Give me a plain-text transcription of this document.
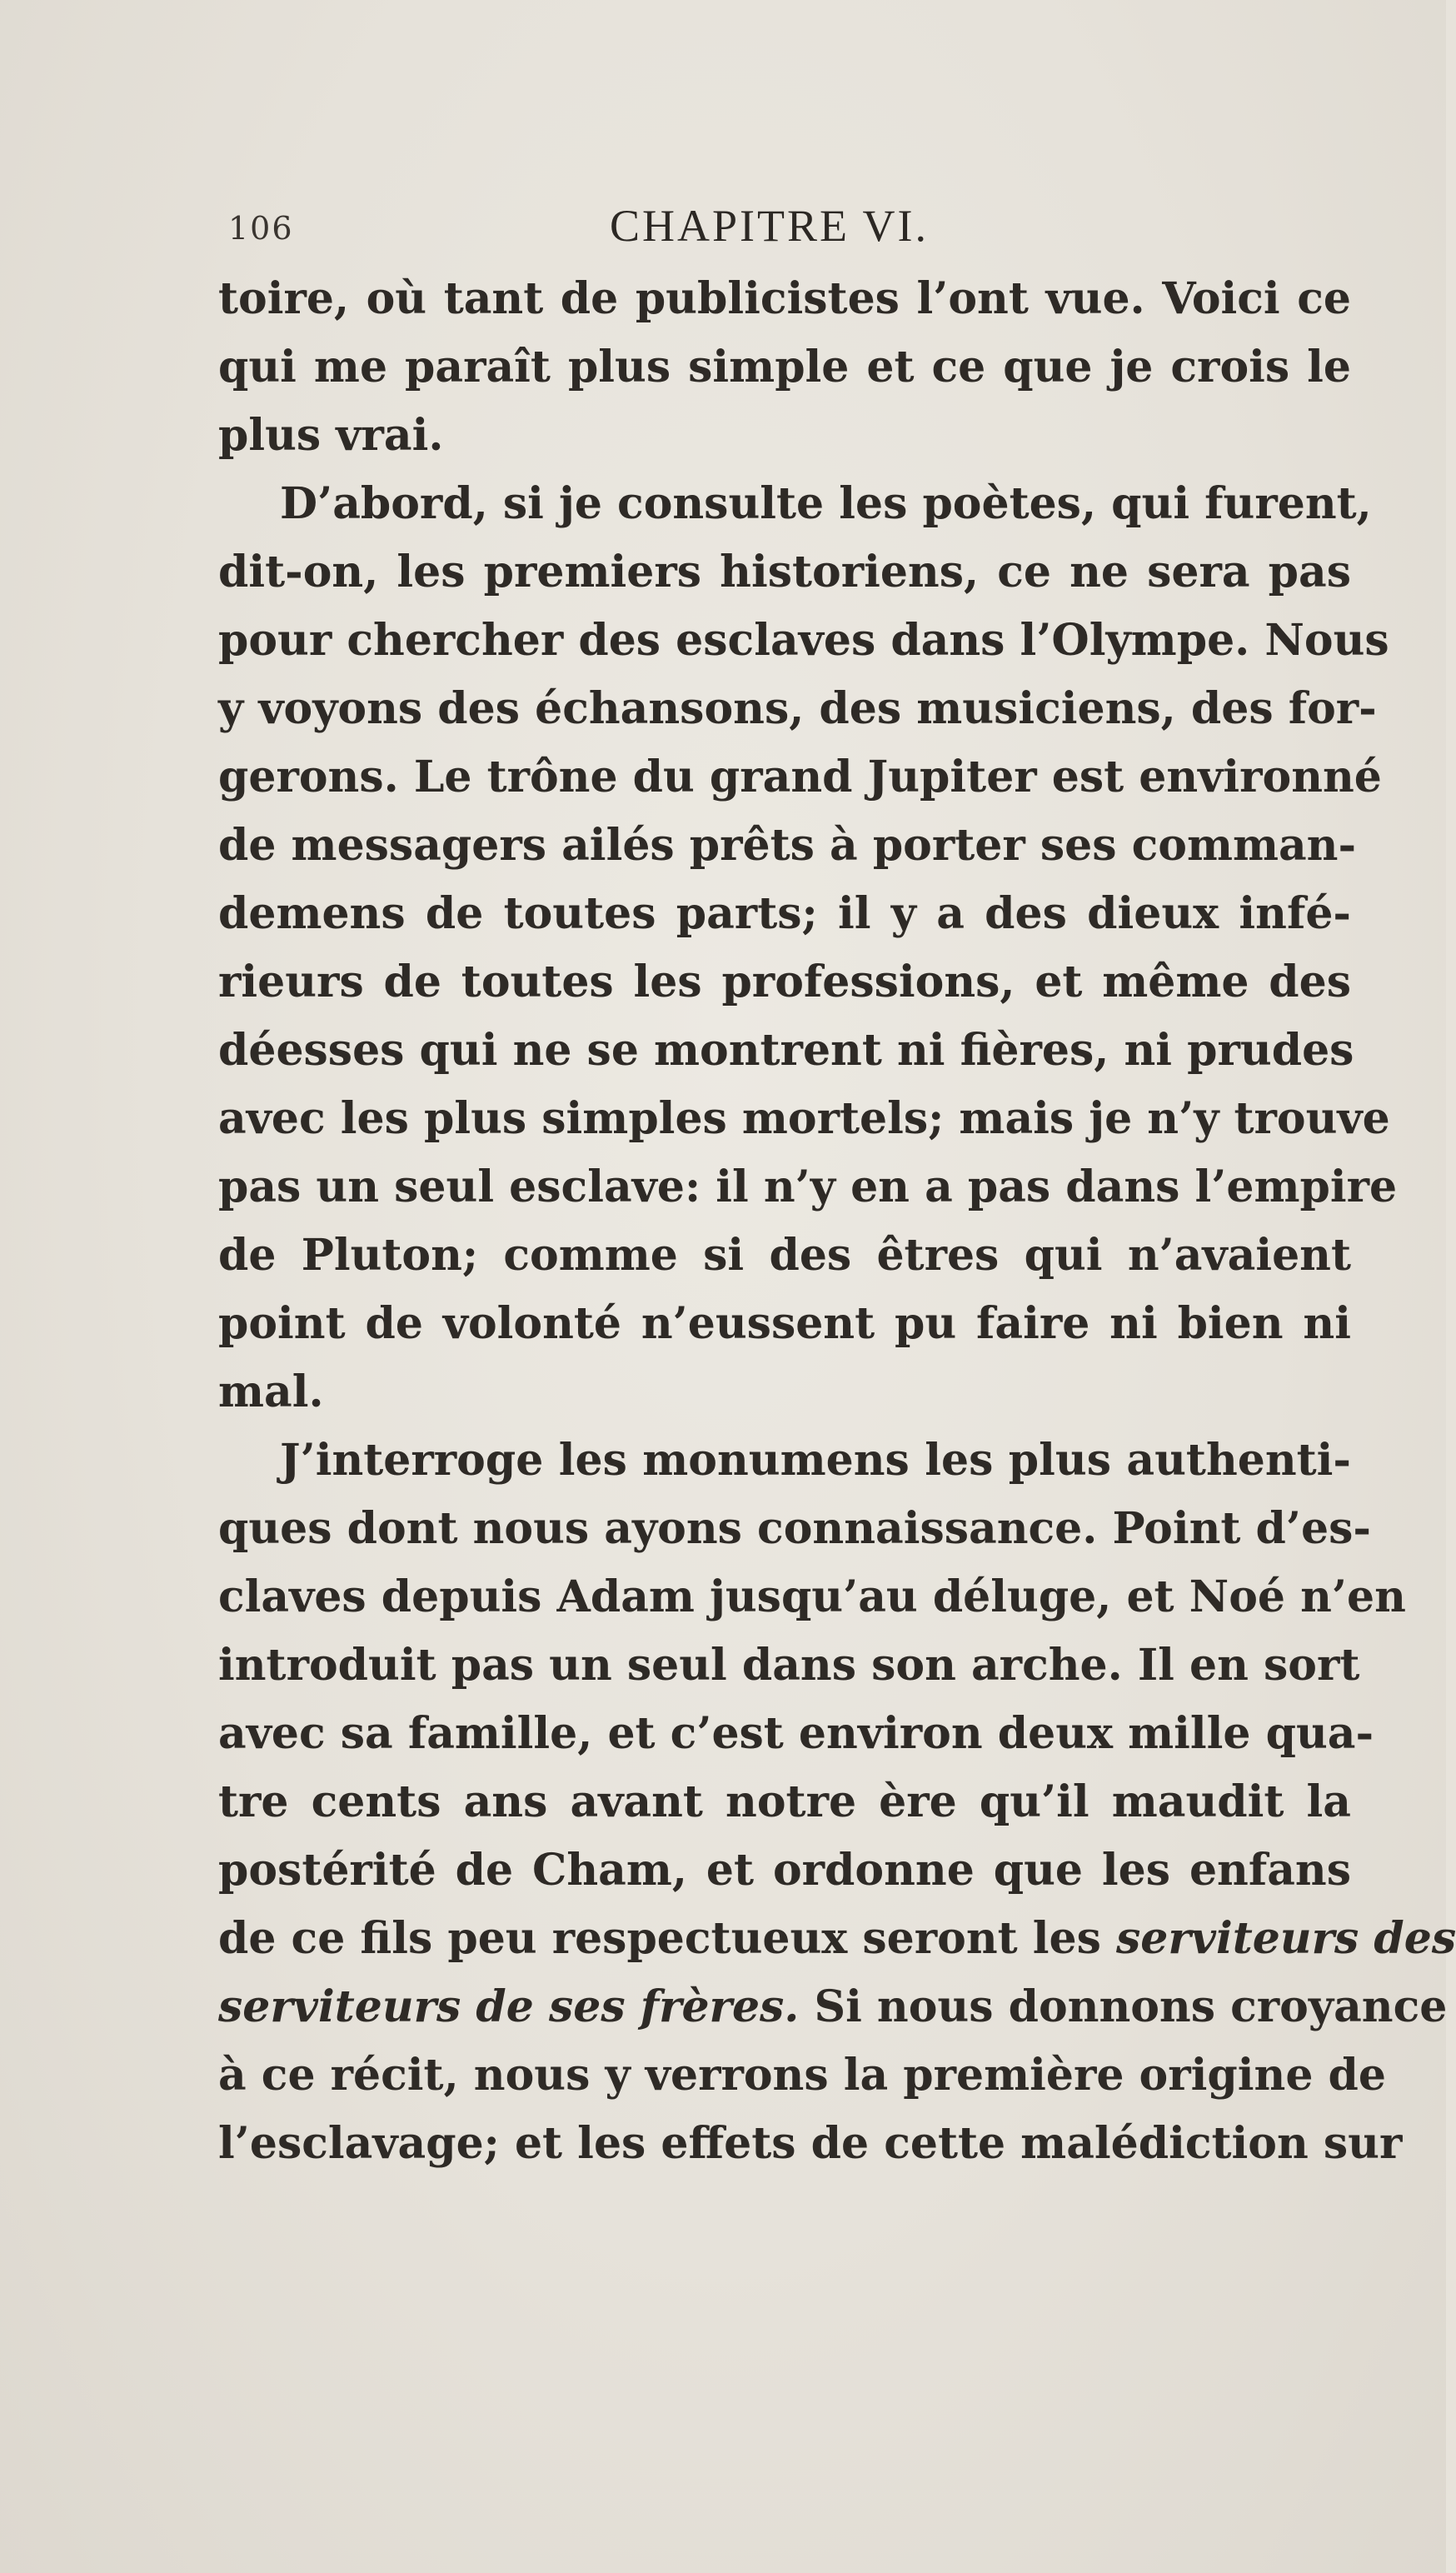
106	CHAPITRE VI.
toire, où tant de publicistes l’ont vue. Voici ce
qui me paraît plus simple et ce que je crois le
plus vrai.
D’abord, si je consulte les poètes, qui furent,
dit-on, les premiers historiens, ce ne sera pas
pour chercher des esclaves dans l’Olympe. Nous
y voyons des échansons, des musiciens, des for-
gerons. Le trône du grand Jupiter est environné
de messagers ailés prêts à porter ses comman-
demens de toutes parts; il y a des dieux infé-
rieurs de toutes les professions, et même des
déesses qui ne se montrent ni fières, ni prudes
avec les plus simples mortels; mais je n’y trouve
pas un seul esclave: il n’y en a pas dans l’empire
de Pluton; comme si des êtres qui n’avaient
point de volonté n’eussent pu faire ni bien ni
mal.
J’interroge les monumens les plus authenti-
ques dont nous ayons connaissance. Point d’es-
claves depuis Adam jusqu’au déluge, et Noé n’en
introduit pas un seul dans son arche. Il en sort
avec sa famille, et c’est environ deux mille qua-
tre cents ans avant notre ère qu’il maudit la
postérité de Cham, et ordonne que les enfans
de ce fils peu respectueux seront les serviteurs des
serviteurs de ses frères. Si nous donnons croyance
à ce récit, nous y verrons la première origine de
l’esclavage; et les effets de cette malédiction sur
